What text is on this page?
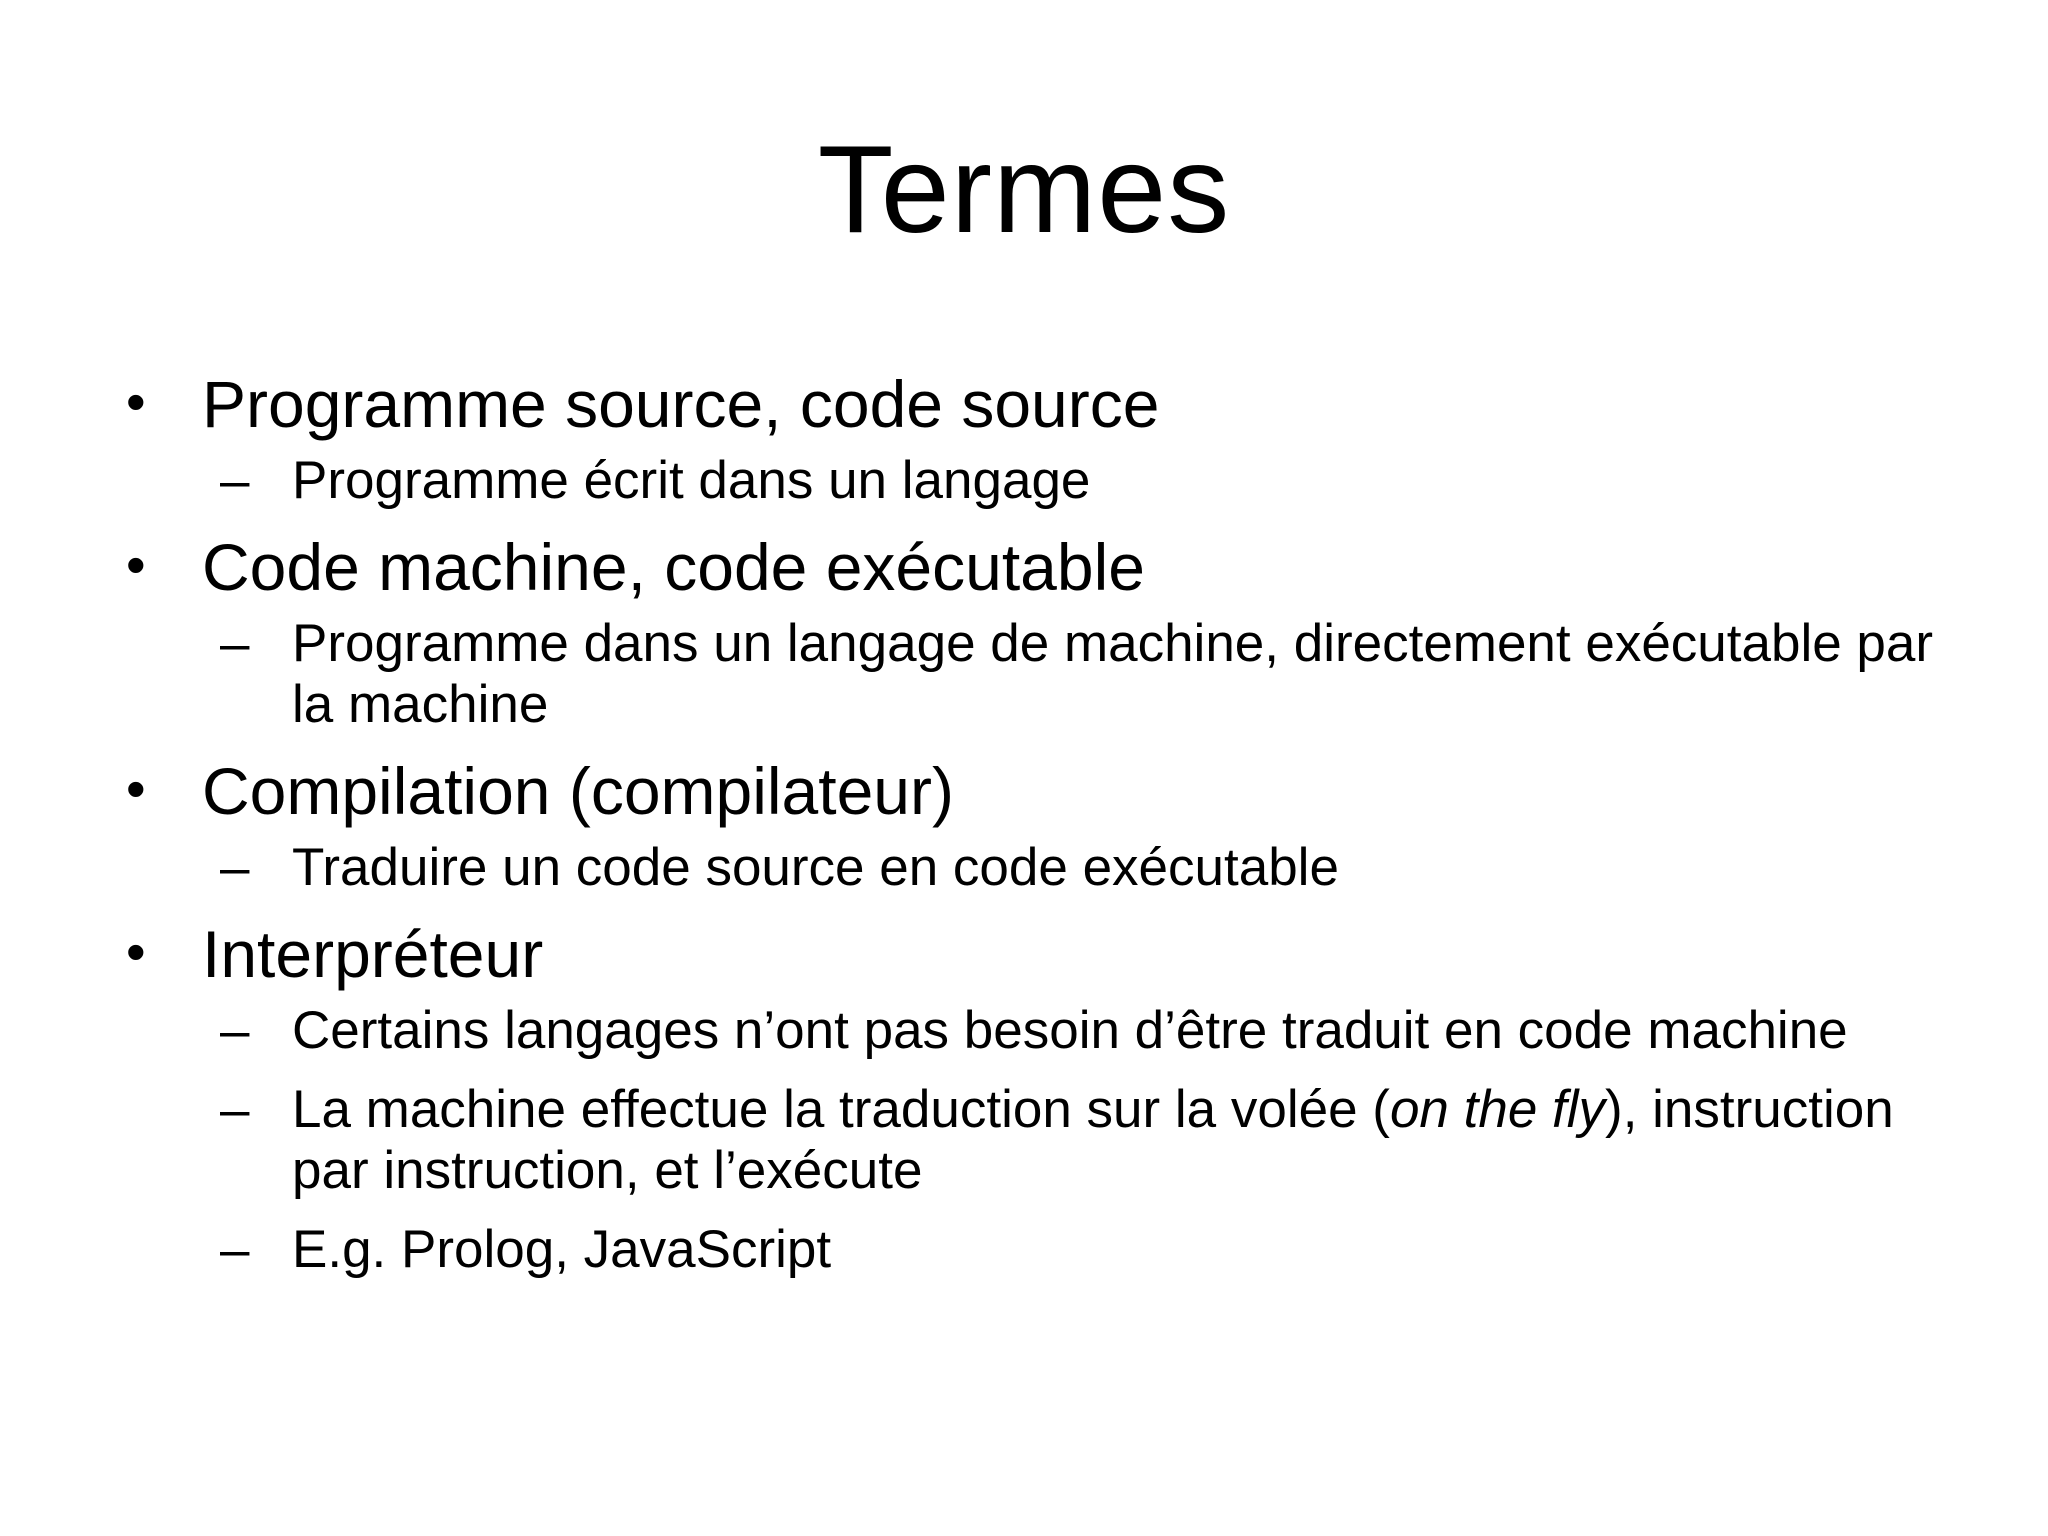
Termes

• Programme source, code source

– Programme écrit dans un langage

• Code machine, code exécutable

– Programme dans un langage de machine, directement exécutable par la machine

• Compilation (compilateur)

– Traduire un code source en code exécutable

• Interpréteur

– Certains langages n’ont pas besoin d’être traduit en code machine

– La machine effectue la traduction sur la volée (on the fly), instruction par instruction, et l’exécute

– E.g. Prolog, JavaScript
